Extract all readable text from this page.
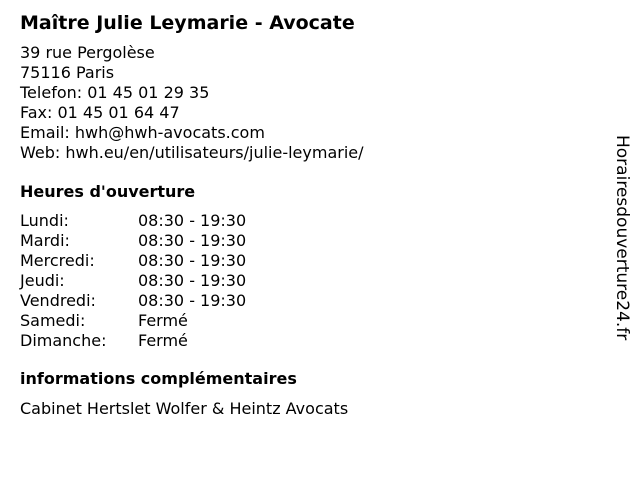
Maître Julie Leymarie - Avocate
39 rue Pergolèse
75116 Paris
Telefon: 01 45 01 29 35
Fax: 01 45 01 64 47
Email: hwh@hwh-avocats.com
Web: hwh.eu/en/utilisateurs/julie-leymarie/
Heures d'ouverture
Lundi:	08:30 - 19:30
Mardi:	08:30 - 19:30
Mercredi:	08:30 - 19:30
Jeudi:	08:30 - 19:30
Vendredi:	08:30 - 19:30
Samedi:	Fermé
Dimanche:	Fermé
informations complémentaires
Cabinet Hertslet Wolfer & Heintz Avocats
Horairesdouverture24.fr
